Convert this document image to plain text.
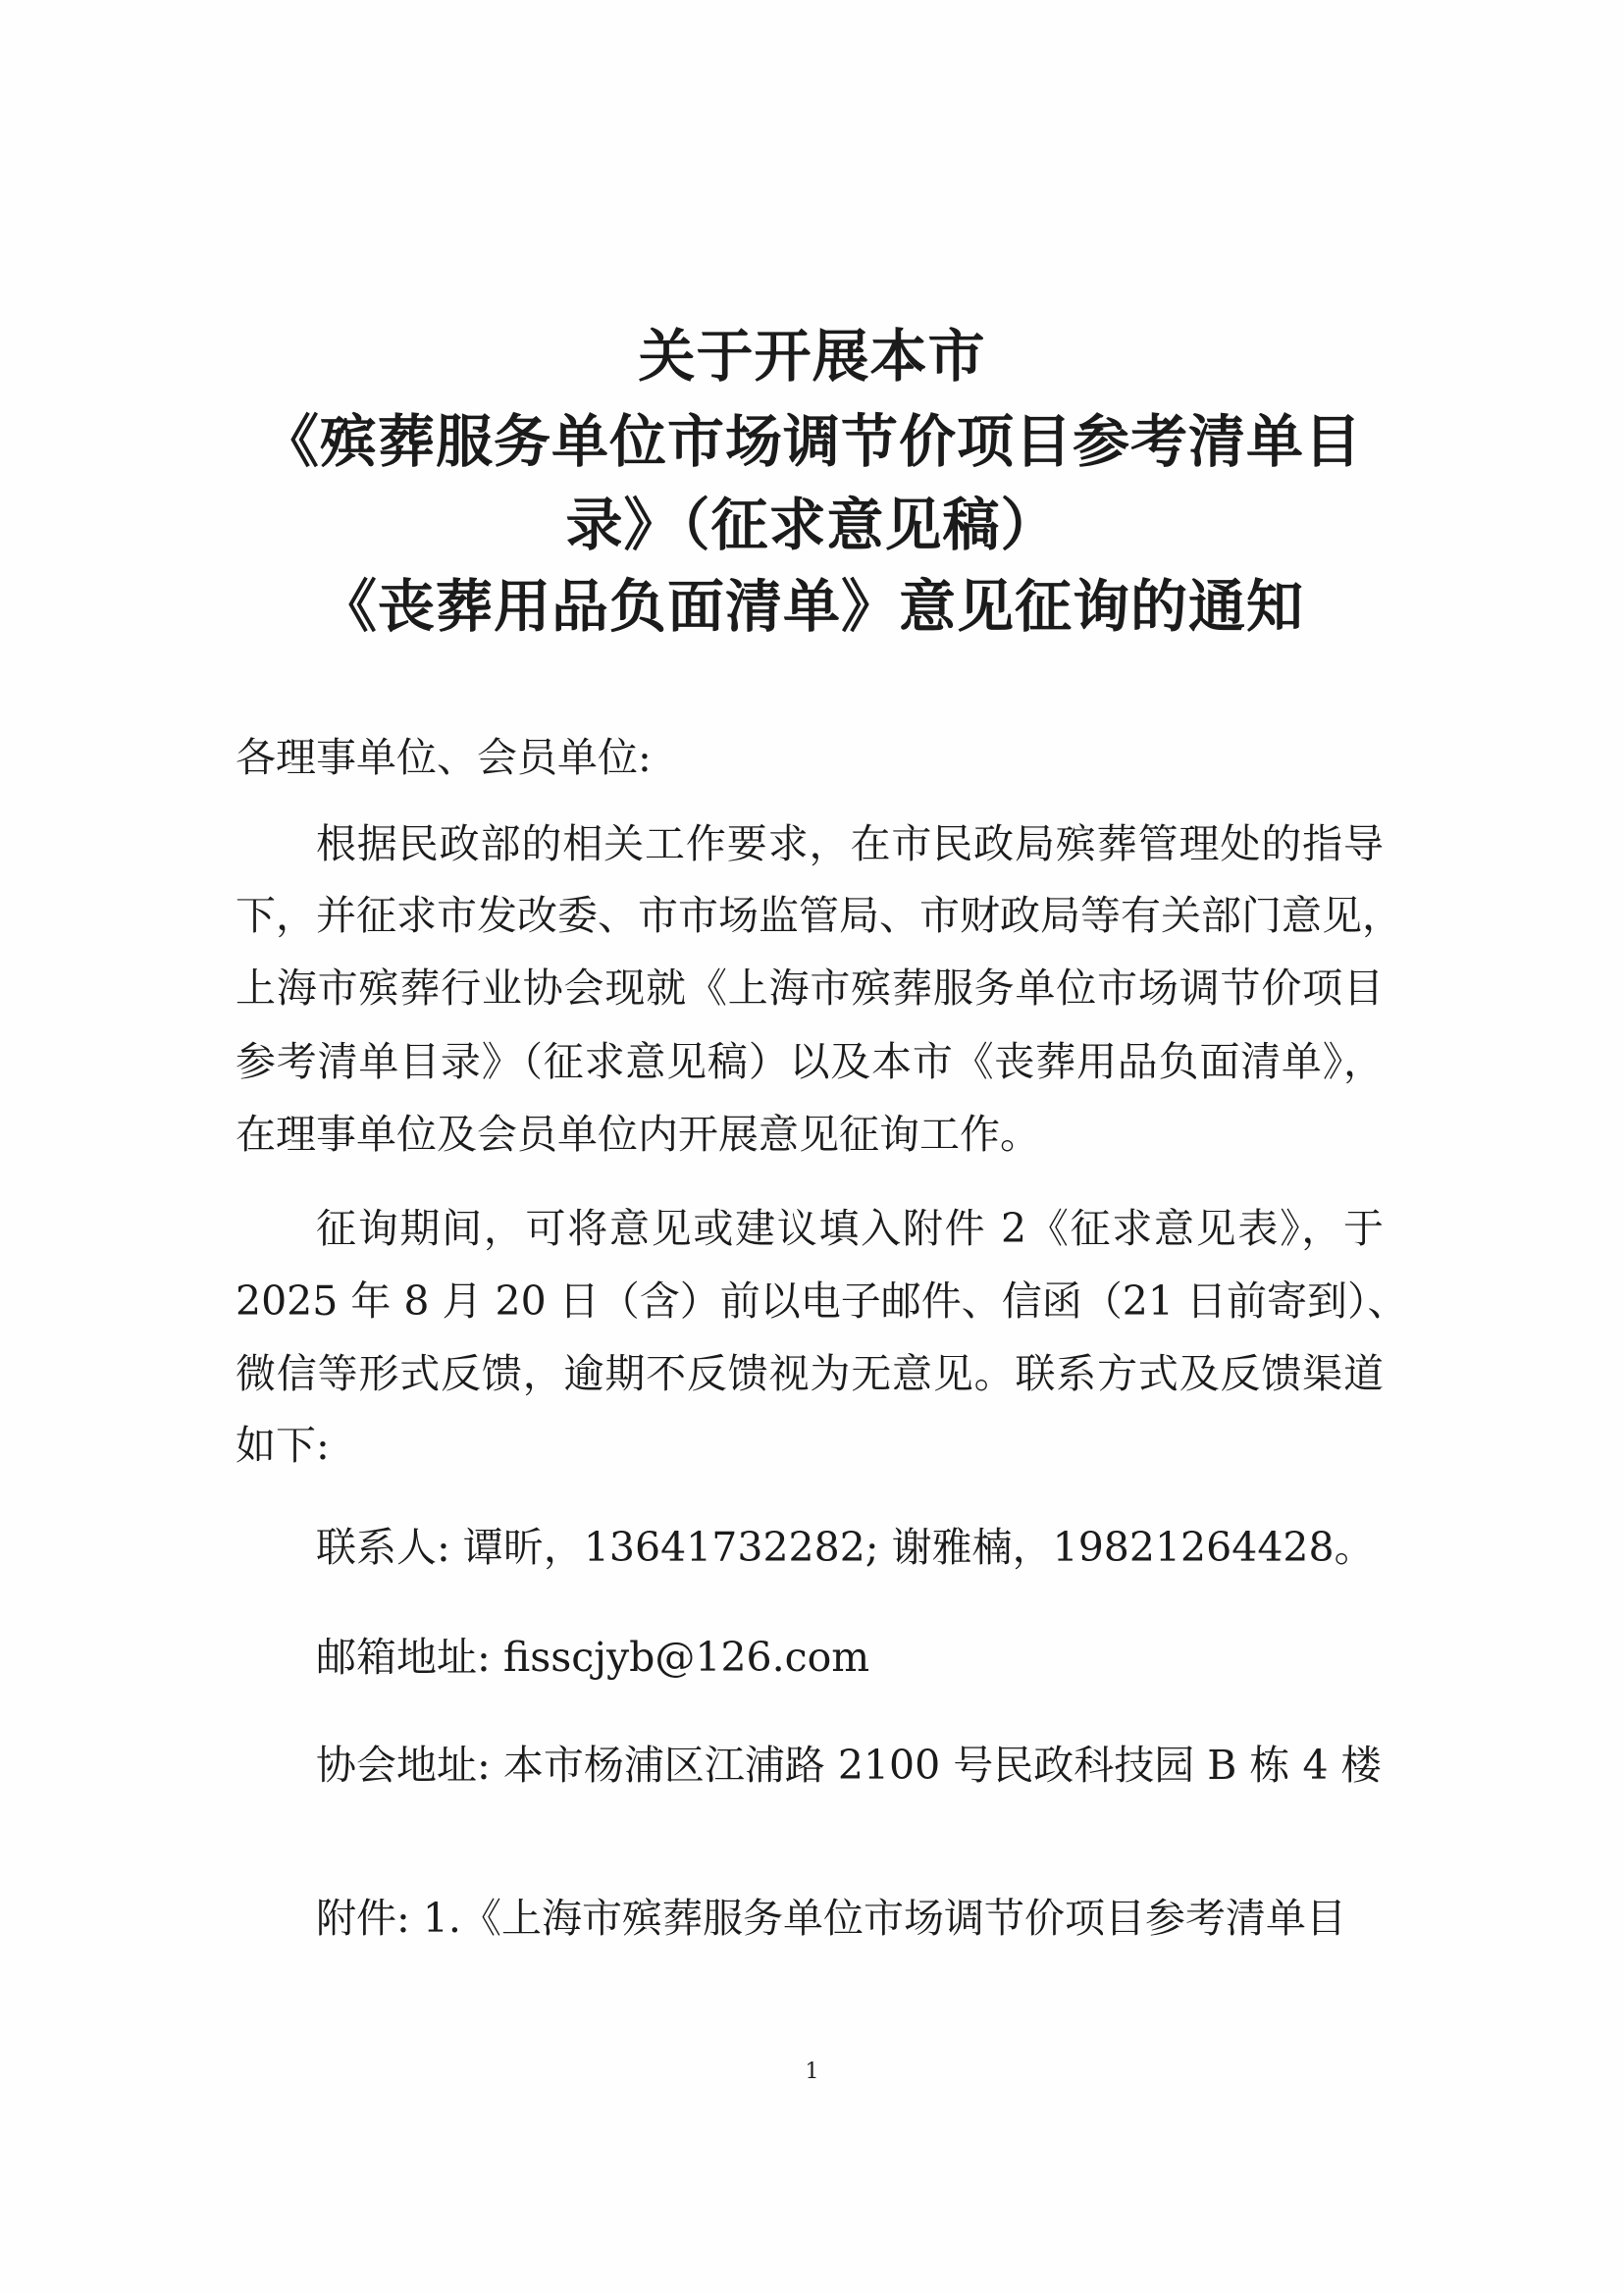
关于开展本市
《殡葬服务单位市场调节价项目参考清单目
录》（征求意见稿）
《丧葬用品负面清单》意见征询的通知
各理事单位、会员单位:
根据民政部的相关工作要求，在市民政局殡葬管理处的指导
下，并征求市发改委、市市场监管局、市财政局等有关部门意见，
上海市殡葬行业协会现就《上海市殡葬服务单位市场调节价项目
参考清单目录》（征求意见稿）以及本市《丧葬用品负面清单》，
在理事单位及会员单位内开展意见征询工作。
征询期间，可将意见或建议填入附件 2《征求意见表》，于
2025 年 8 月 20 日（含）前以电子邮件、信函（21 日前寄到）、
微信等形式反馈，逾期不反馈视为无意见。联系方式及反馈渠道
如下:
联系人: 谭昕，13641732282; 谢雅楠，19821264428。
邮箱地址: fisscjyb@126.com
协会地址: 本市杨浦区江浦路 2100 号民政科技园 B 栋 4 楼
附件: 1.《上海市殡葬服务单位市场调节价项目参考清单目
1
